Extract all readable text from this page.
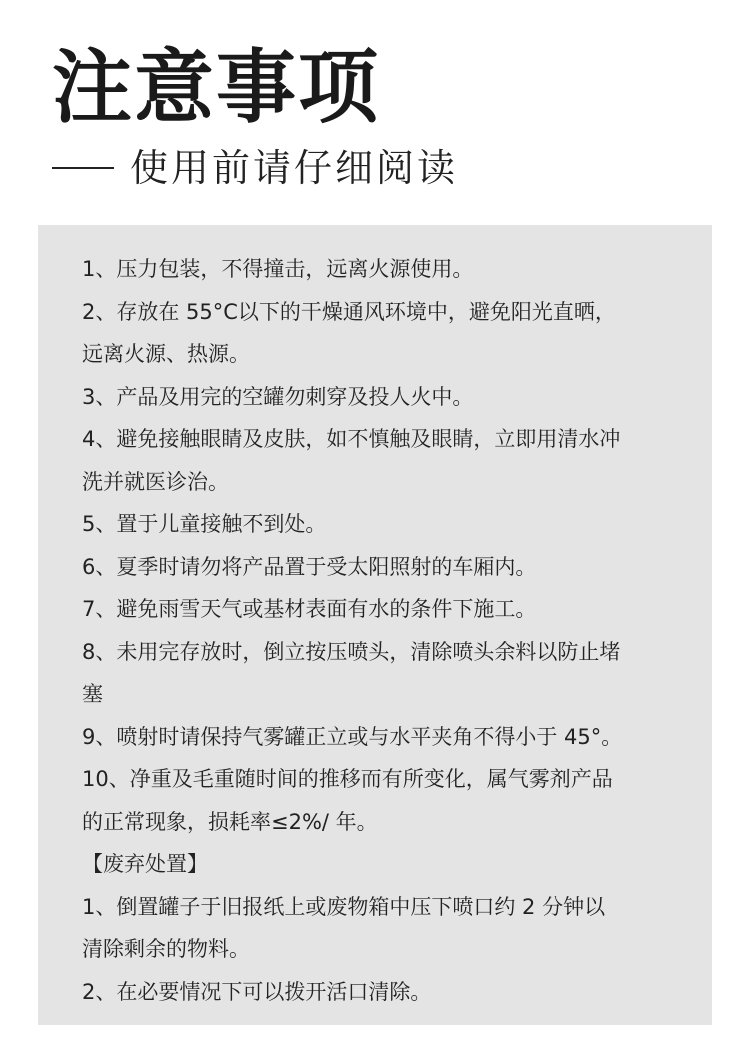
注意事项
使用前请仔细阅读
1、压力包装，不得撞击，远离火源使用。
2、存放在 55°C以下的干燥通风环境中，避免阳光直晒，
远离火源、热源。
3、产品及用完的空罐勿刺穿及投人火中。
4、避免接触眼睛及皮肤，如不慎触及眼睛，立即用清水冲
洗并就医诊治。
5、置于儿童接触不到处。
6、夏季时请勿将产品置于受太阳照射的车厢内。
7、避免雨雪天气或基材表面有水的条件下施工。
8、未用完存放时，倒立按压喷头，清除喷头余料以防止堵
塞
9、喷射时请保持气雾罐正立或与水平夹角不得小于 45°。
10、净重及毛重随时间的推移而有所变化，属气雾剂产品
的正常现象，损耗率≤2%/ 年。
【废弃处置】
1、倒置罐子于旧报纸上或废物箱中压下喷口约 2 分钟以
清除剩余的物料。
2、在必要情况下可以拨开活口清除。
